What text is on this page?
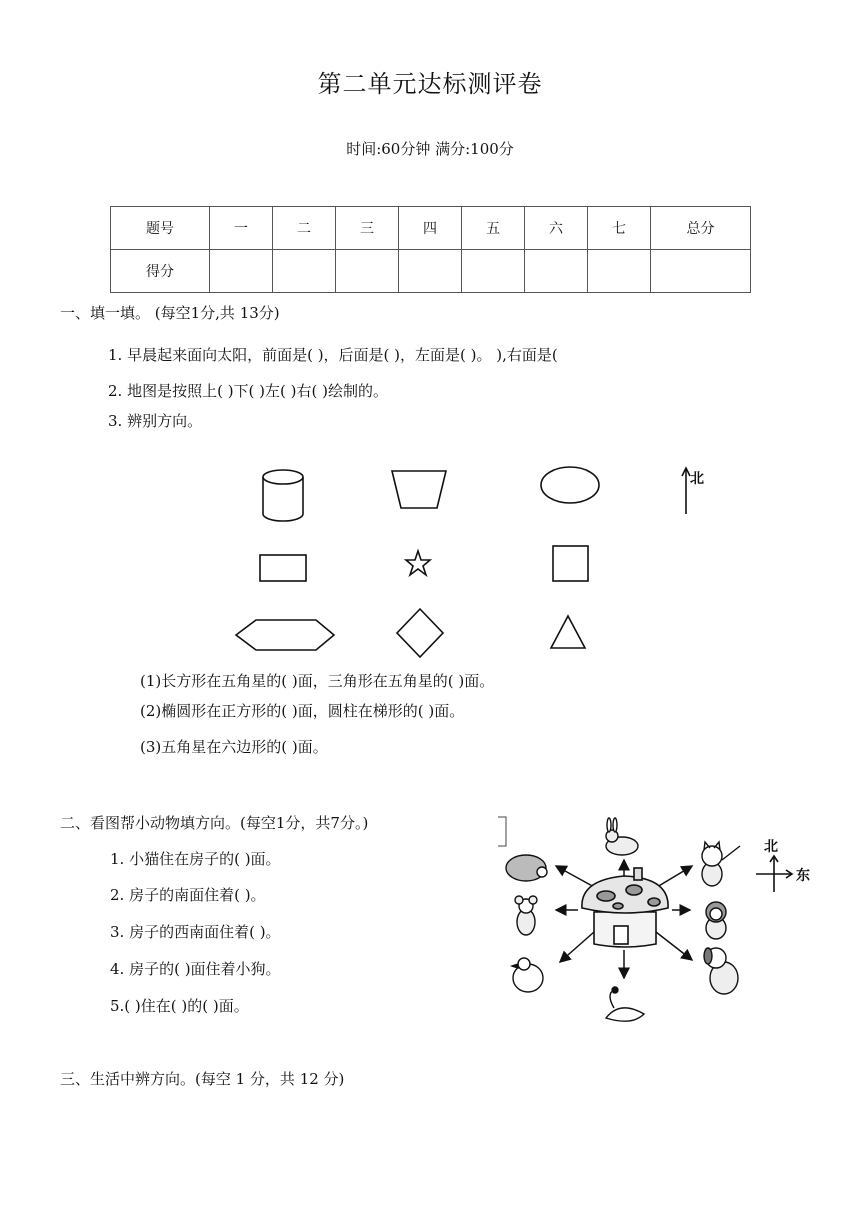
第二单元达标测评卷
时间:60分钟 满分:100分
题号	一	二	三	四	五	六	七	总分
得分								
一、填一填。 (每空1分,共 13分)
1. 早晨起来面向太阳，前面是( )，后面是( )，左面是( )。 ),右面是(
2. 地图是按照上( )下( )左( )右( )绘制的。
3. 辨别方向。
北
(1)长方形在五角星的( )面，三角形在五角星的( )面。
(2)椭圆形在正方形的( )面，圆柱在梯形的( )面。
(3)五角星在六边形的( )面。
二、看图帮小动物填方向。(每空1分，共7分。)
1. 小猫住在房子的( )面。
2. 房子的南面住着( )。
3. 房子的西南面住着( )。
4. 房子的( )面住着小狗。
5.( )住在( )的( )面。
北
东
三、生活中辨方向。(每空 1 分，共 12 分)
